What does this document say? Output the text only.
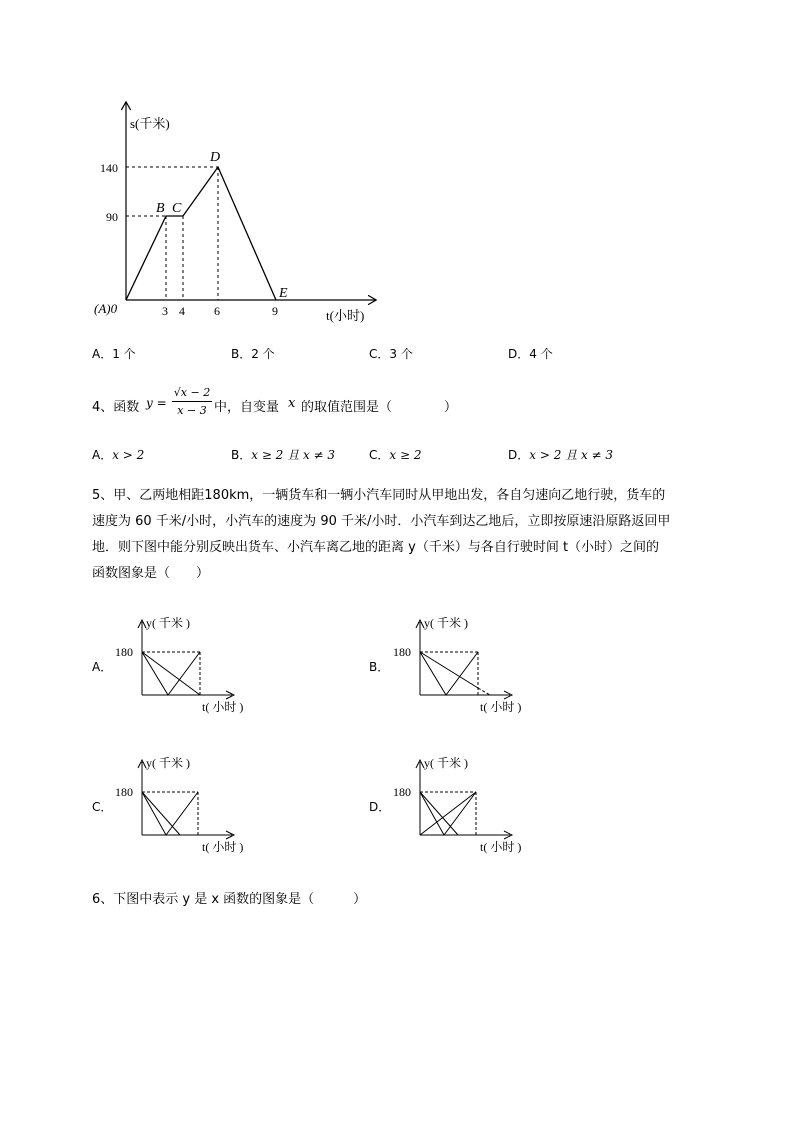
s(千米)
t(小时)
(A)0
140
90
3 4 6	9
B C
D
E
A．1 个	B．2 个	C．3 个	D．4 个
4、函数 $y = \frac{√x - 2}{x - 3}$ 中，自变量 x 的取值范围是（　　　　）
A．x > 2	B．x ≥ 2 且 x ≠ 3	C．x ≥ 2	D．x > 2 且 x ≠ 3
5、甲、乙两地相距180km，一辆货车和一辆小汽车同时从甲地出发，各自匀速向乙地行驶，货车的
速度为 60 千米/小时，小汽车的速度为 90 千米/小时．小汽车到达乙地后，立即按原速沿原路返回甲
地．则下图中能分别反映出货车、小汽车离乙地的距离 y（千米）与各自行驶时间 t（小时）之间的
函数图象是（　　）
A．
y( 千米 )
180
t( 小时 )
B．
y( 千米 )
180
t( 小时 )
C．
y( 千米 )
180
t( 小时 )
D．
y( 千米 )
180
t( 小时 )
6、下图中表示 y 是 x 函数的图象是（　　　）
